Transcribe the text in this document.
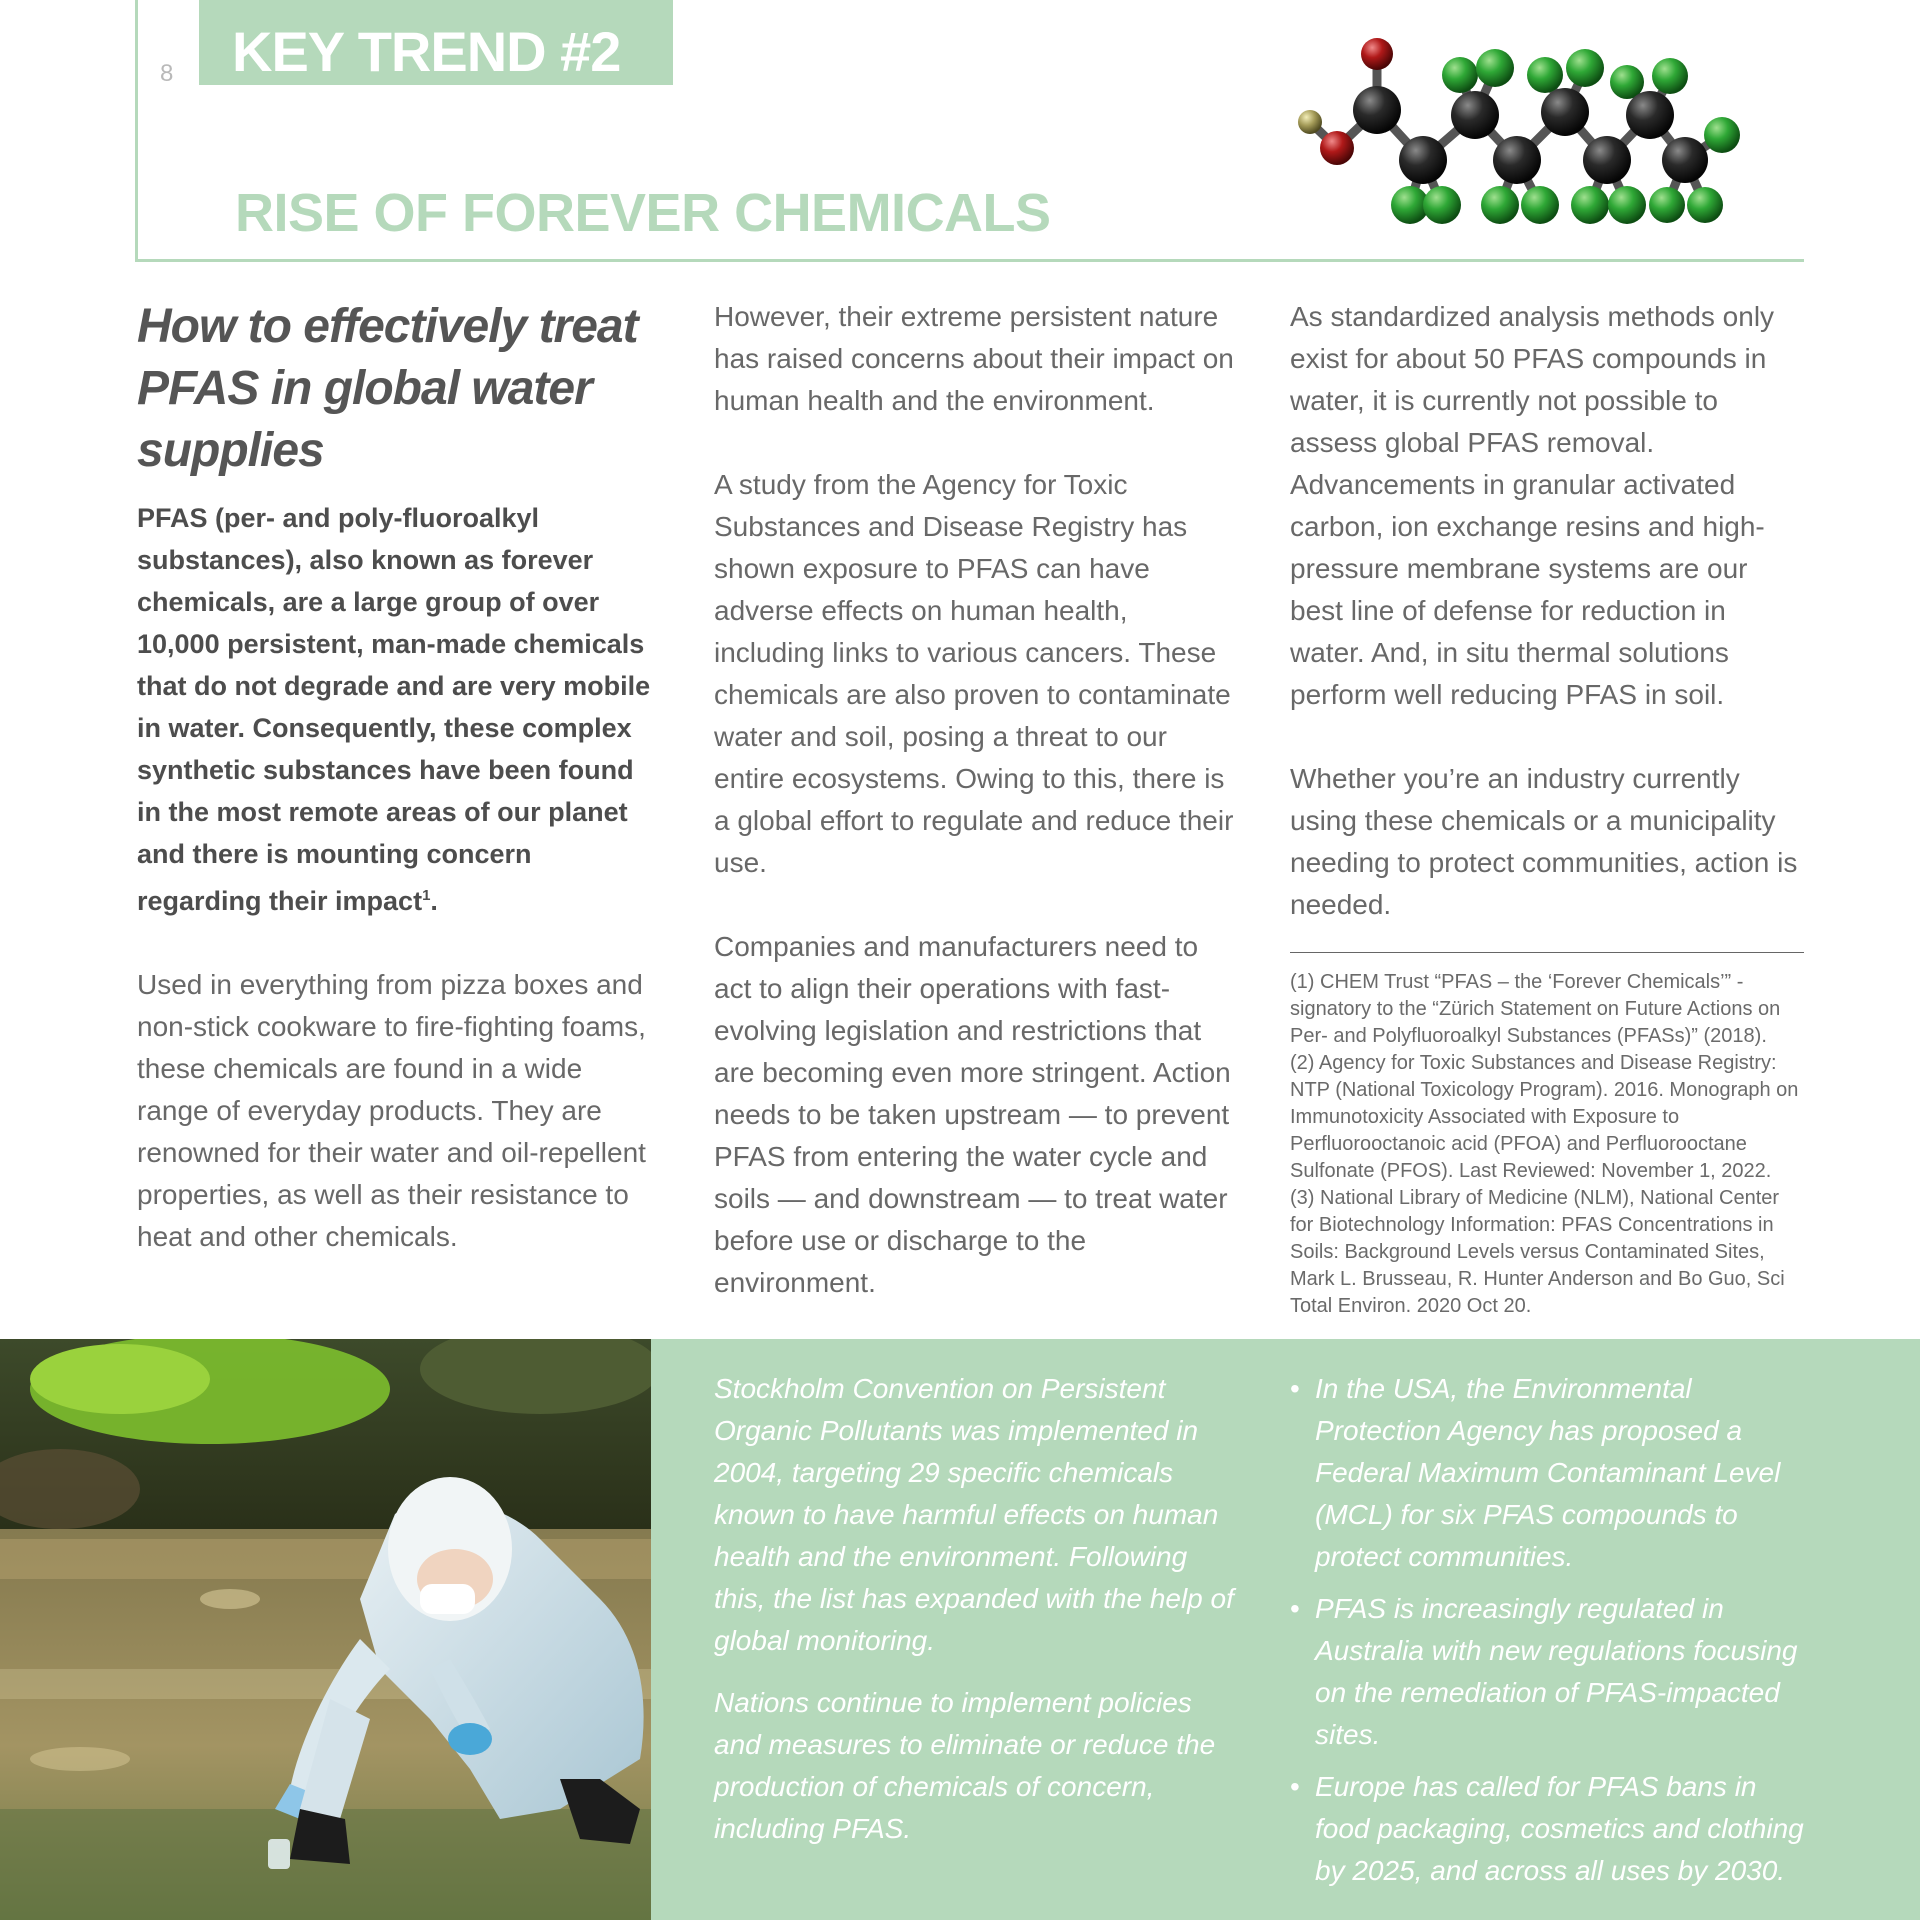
8 KEY TREND #2
RISE OF FOREVER CHEMICALS
How to effectively treat PFAS in global water supplies

PFAS (per- and poly-fluoroalkyl substances), also known as forever chemicals, are a large group of over 10,000 persistent, man-made chemicals that do not degrade and are very mobile in water. Consequently, these complex synthetic substances have been found in the most remote areas of our planet and there is mounting concern regarding their impact$^1$.

Used in everything from pizza boxes and non-stick cookware to fire-fighting foams, these chemicals are found in a wide range of everyday products. They are renowned for their water and oil-repellent properties, as well as their resistance to heat and other chemicals.

However, their extreme persistent nature has raised concerns about their impact on human health and the environment.

A study from the Agency for Toxic Substances and Disease Registry has shown exposure to PFAS can have adverse effects on human health, including links to various cancers. These chemicals are also proven to contaminate water and soil, posing a threat to our entire ecosystems. Owing to this, there is a global effort to regulate and reduce their use.

Companies and manufacturers need to act to align their operations with fast-evolving legislation and restrictions that are becoming even more stringent. Action needs to be taken upstream — to prevent PFAS from entering the water cycle and soils — and downstream — to treat water before use or discharge to the environment.

As standardized analysis methods only exist for about 50 PFAS compounds in water, it is currently not possible to assess global PFAS removal. Advancements in granular activated carbon, ion exchange resins and high-pressure membrane systems are our best line of defense for reduction in water. And, in situ thermal solutions perform well reducing PFAS in soil.

Whether you’re an industry currently using these chemicals or a municipality needing to protect communities, action is needed.

(1) CHEM Trust “PFAS – the ‘Forever Chemicals’” - signatory to the “Zürich Statement on Future Actions on Per- and Polyfluoroalkyl Substances (PFASs)” (2018).
(2) Agency for Toxic Substances and Disease Registry: NTP (National Toxicology Program). 2016. Monograph on Immunotoxicity Associated with Exposure to Perfluorooctanoic acid (PFOA) and Perfluorooctane Sulfonate (PFOS). Last Reviewed: November 1, 2022.
(3) National Library of Medicine (NLM), National Center for Biotechnology Information: PFAS Concentrations in Soils: Background Levels versus Contaminated Sites, Mark L. Brusseau, R. Hunter Anderson and Bo Guo, Sci Total Environ. 2020 Oct 20.

Stockholm Convention on Persistent Organic Pollutants was implemented in 2004, targeting 29 specific chemicals known to have harmful effects on human health and the environment. Following this, the list has expanded with the help of global monitoring.

Nations continue to implement policies and measures to eliminate or reduce the production of chemicals of concern, including PFAS.

• In the USA, the Environmental Protection Agency has proposed a Federal Maximum Contaminant Level (MCL) for six PFAS compounds to protect communities.
• PFAS is increasingly regulated in Australia with new regulations focusing on the remediation of PFAS-impacted sites.
• Europe has called for PFAS bans in food packaging, cosmetics and clothing by 2025, and across all uses by 2030.
